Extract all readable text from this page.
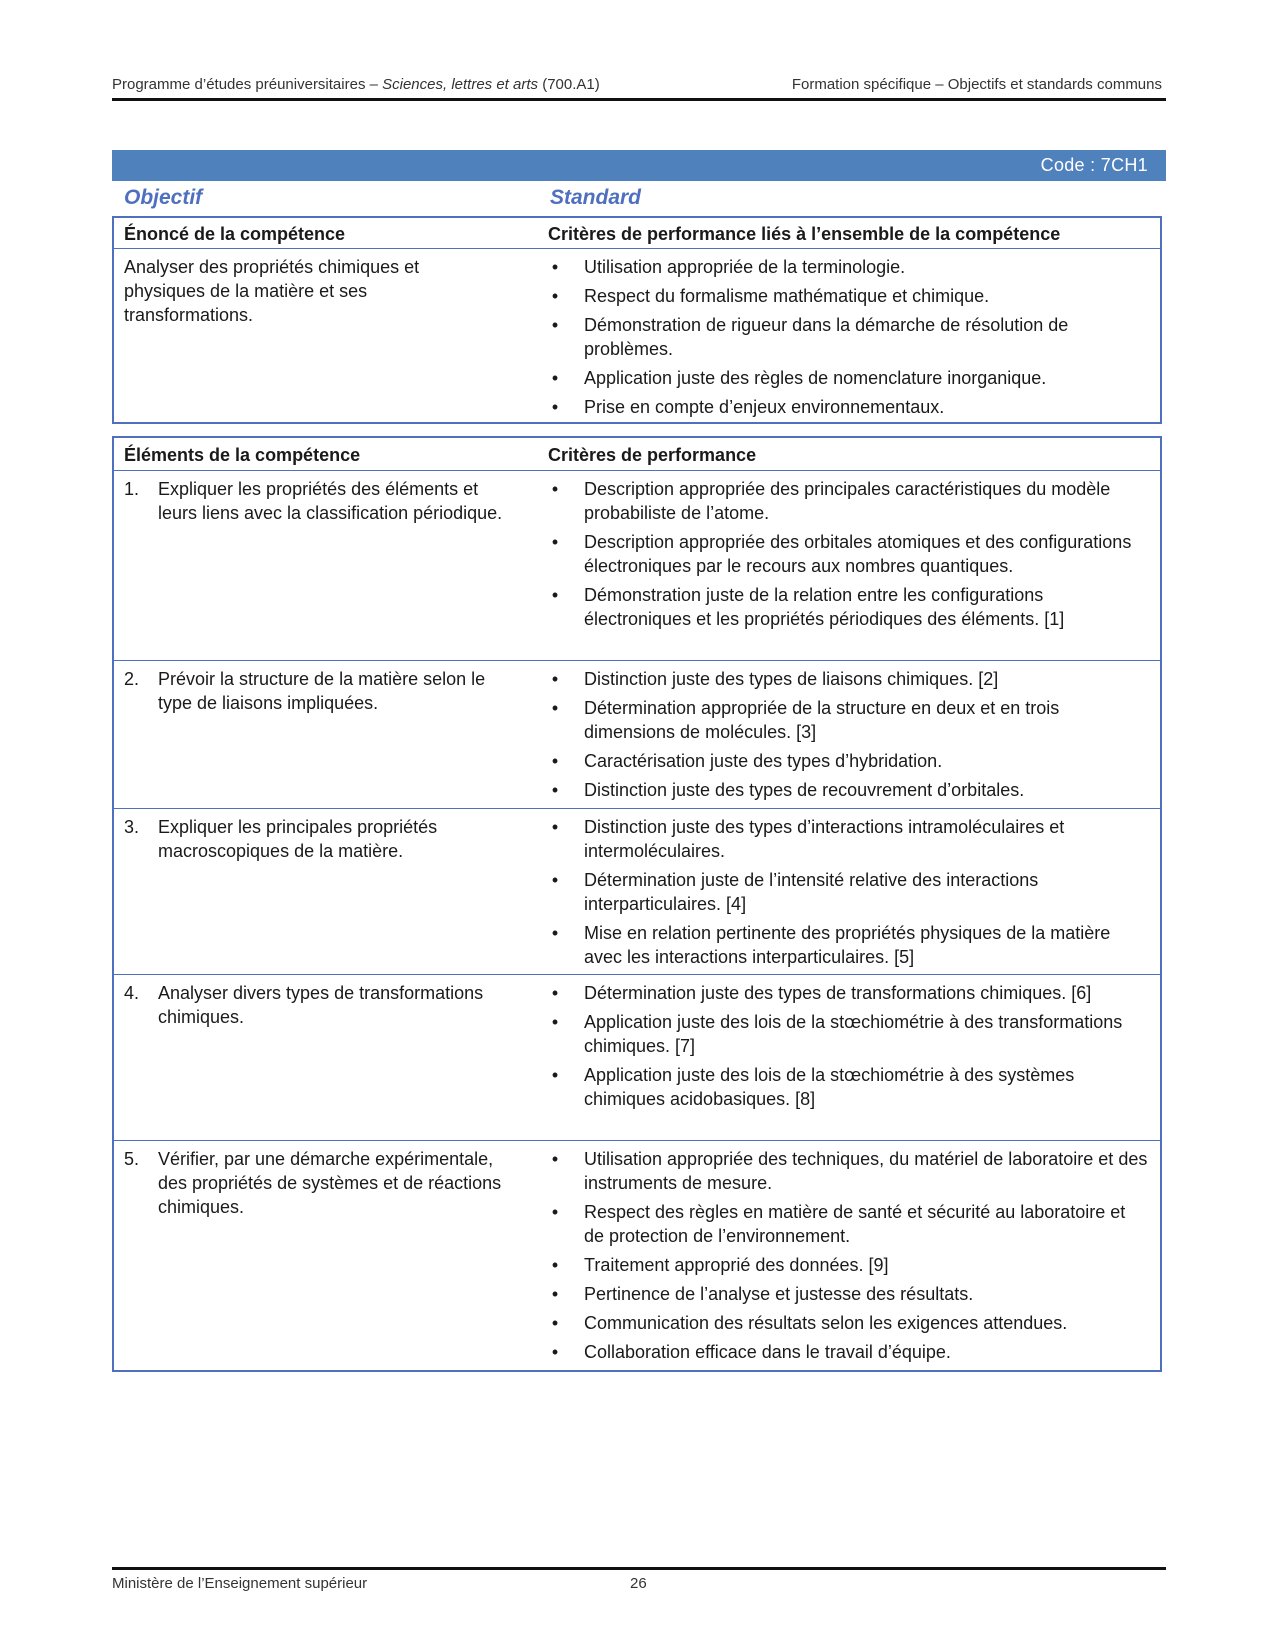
Programme d’études préuniversitaires – Sciences, lettres et arts (700.A1)	Formation spécifique – Objectifs et standards communs
Code : 7CH1
Objectif	Standard
Énoncé de la compétence	Critères de performance liés à l’ensemble de la compétence
Analyser des propriétés chimiques et physiques de la matière et ses transformations.
• Utilisation appropriée de la terminologie.
• Respect du formalisme mathématique et chimique.
• Démonstration de rigueur dans la démarche de résolution de problèmes.
• Application juste des règles de nomenclature inorganique.
• Prise en compte d’enjeux environnementaux.
Éléments de la compétence	Critères de performance
1.	Expliquer les propriétés des éléments et leurs liens avec la classification périodique.
• Description appropriée des principales caractéristiques du modèle probabiliste de l’atome.
• Description appropriée des orbitales atomiques et des configurations électroniques par le recours aux nombres quantiques.
• Démonstration juste de la relation entre les configurations électroniques et les propriétés périodiques des éléments. [1]
2.	Prévoir la structure de la matière selon le type de liaisons impliquées.
• Distinction juste des types de liaisons chimiques. [2]
• Détermination appropriée de la structure en deux et en trois dimensions de molécules. [3]
• Caractérisation juste des types d’hybridation.
• Distinction juste des types de recouvrement d’orbitales.
3.	Expliquer les principales propriétés macroscopiques de la matière.
• Distinction juste des types d’interactions intramoléculaires et intermoléculaires.
• Détermination juste de l’intensité relative des interactions interparticulaires. [4]
• Mise en relation pertinente des propriétés physiques de la matière avec les interactions interparticulaires. [5]
4.	Analyser divers types de transformations chimiques.
• Détermination juste des types de transformations chimiques. [6]
• Application juste des lois de la stœchiométrie à des transformations chimiques. [7]
• Application juste des lois de la stœchiométrie à des systèmes chimiques acidobasiques. [8]
5.	Vérifier, par une démarche expérimentale, des propriétés de systèmes et de réactions chimiques.
• Utilisation appropriée des techniques, du matériel de laboratoire et des instruments de mesure.
• Respect des règles en matière de santé et sécurité au laboratoire et de protection de l’environnement.
• Traitement approprié des données. [9]
• Pertinence de l’analyse et justesse des résultats.
• Communication des résultats selon les exigences attendues.
• Collaboration efficace dans le travail d’équipe.
Ministère de l’Enseignement supérieur	26
